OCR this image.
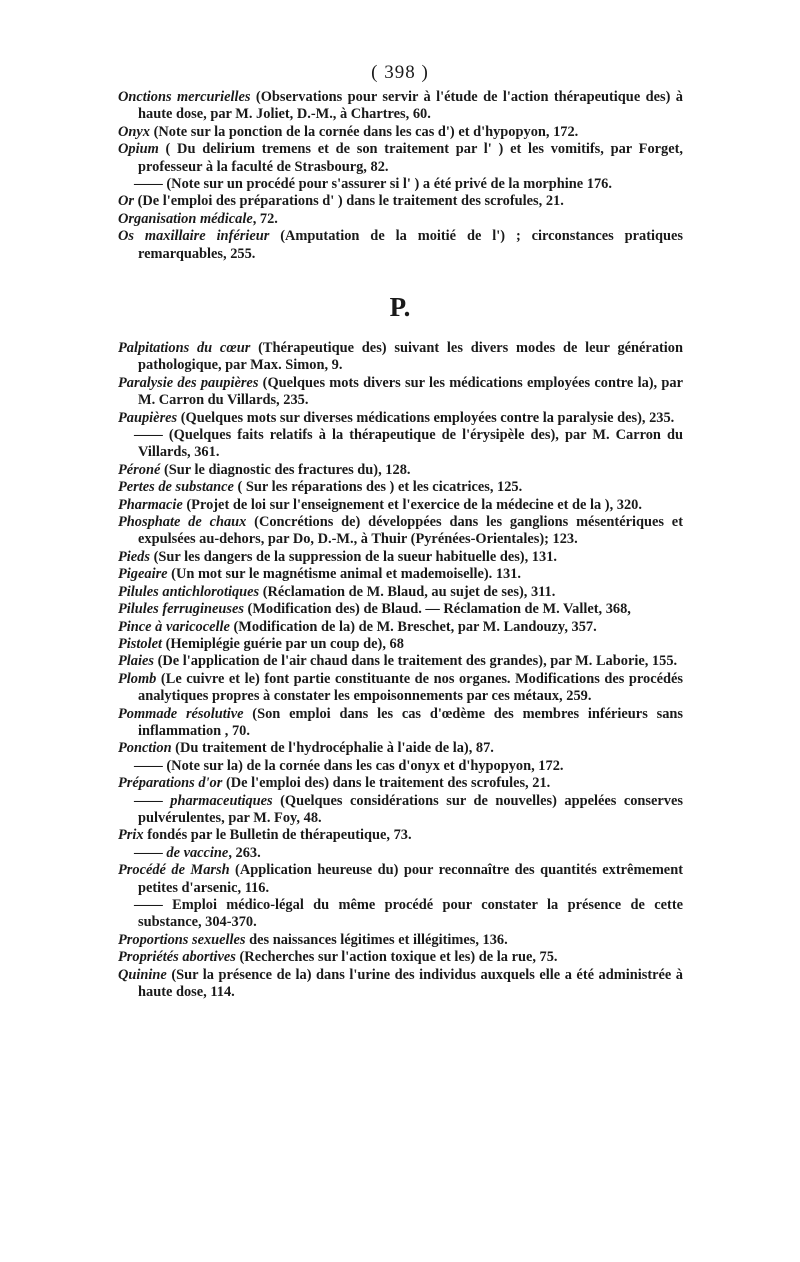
( 398 )

Onctions mercurielles (Observations pour servir à l'étude de l'action thérapeutique des) à haute dose, par M. Joliet, D.-M., à Chartres, 60.

Onyx (Note sur la ponction de la cornée dans les cas d') et d'hypopyon, 172.

Opium ( Du delirium tremens et de son traitement par l' ) et les vomitifs, par Forget, professeur à la faculté de Strasbourg, 82.

—— (Note sur un procédé pour s'assurer si l' ) a été privé de la morphine 176.

Or (De l'emploi des préparations d' ) dans le traitement des scrofules, 21.

Organisation médicale, 72.

Os maxillaire inférieur (Amputation de la moitié de l') ; circonstances pratiques remarquables, 255.

P.

Palpitations du cœur (Thérapeutique des) suivant les divers modes de leur génération pathologique, par Max. Simon, 9.

Paralysie des paupières (Quelques mots divers sur les médications employées contre la), par M. Carron du Villards, 235.

Paupières (Quelques mots sur diverses médications employées contre la paralysie des), 235.

—— (Quelques faits relatifs à la thérapeutique de l'érysipèle des), par M. Carron du Villards, 361.

Péroné (Sur le diagnostic des fractures du), 128.

Pertes de substance ( Sur les réparations des ) et les cicatrices, 125.

Pharmacie (Projet de loi sur l'enseignement et l'exercice de la médecine et de la ), 320.

Phosphate de chaux (Concrétions de) développées dans les ganglions mésentériques et expulsées au-dehors, par Do, D.-M., à Thuir (Pyrénées-Orientales); 123.

Pieds (Sur les dangers de la suppression de la sueur habituelle des), 131.

Pigeaire (Un mot sur le magnétisme animal et mademoiselle). 131.

Pilules antichlorotiques (Réclamation de M. Blaud, au sujet de ses), 311.

Pilules ferrugineuses (Modification des) de Blaud. — Réclamation de M. Vallet, 368,

Pince à varicocelle (Modification de la) de M. Breschet, par M. Landouzy, 357.

Pistolet (Hemiplégie guérie par un coup de), 68

Plaies (De l'application de l'air chaud dans le traitement des grandes), par M. Laborie, 155.

Plomb (Le cuivre et le) font partie constituante de nos organes. Modifications des procédés analytiques propres à constater les empoisonnements par ces métaux, 259.

Pommade résolutive (Son emploi dans les cas d'œdème des membres inférieurs sans inflammation , 70.

Ponction (Du traitement de l'hydrocéphalie à l'aide de la), 87.

—— (Note sur la) de la cornée dans les cas d'onyx et d'hypopyon, 172.

Préparations d'or (De l'emploi des) dans le traitement des scrofules, 21.

—— pharmaceutiques (Quelques considérations sur de nouvelles) appelées conserves pulvérulentes, par M. Foy, 48.

Prix fondés par le Bulletin de thérapeutique, 73.

—— de vaccine, 263.

Procédé de Marsh (Application heureuse du) pour reconnaître des quantités extrêmement petites d'arsenic, 116.

—— Emploi médico-légal du même procédé pour constater la présence de cette substance, 304-370.

Proportions sexuelles des naissances légitimes et illégitimes, 136.

Propriétés abortives (Recherches sur l'action toxique et les) de la rue, 75.

Quinine (Sur la présence de la) dans l'urine des individus auxquels elle a été administrée à haute dose, 114.
